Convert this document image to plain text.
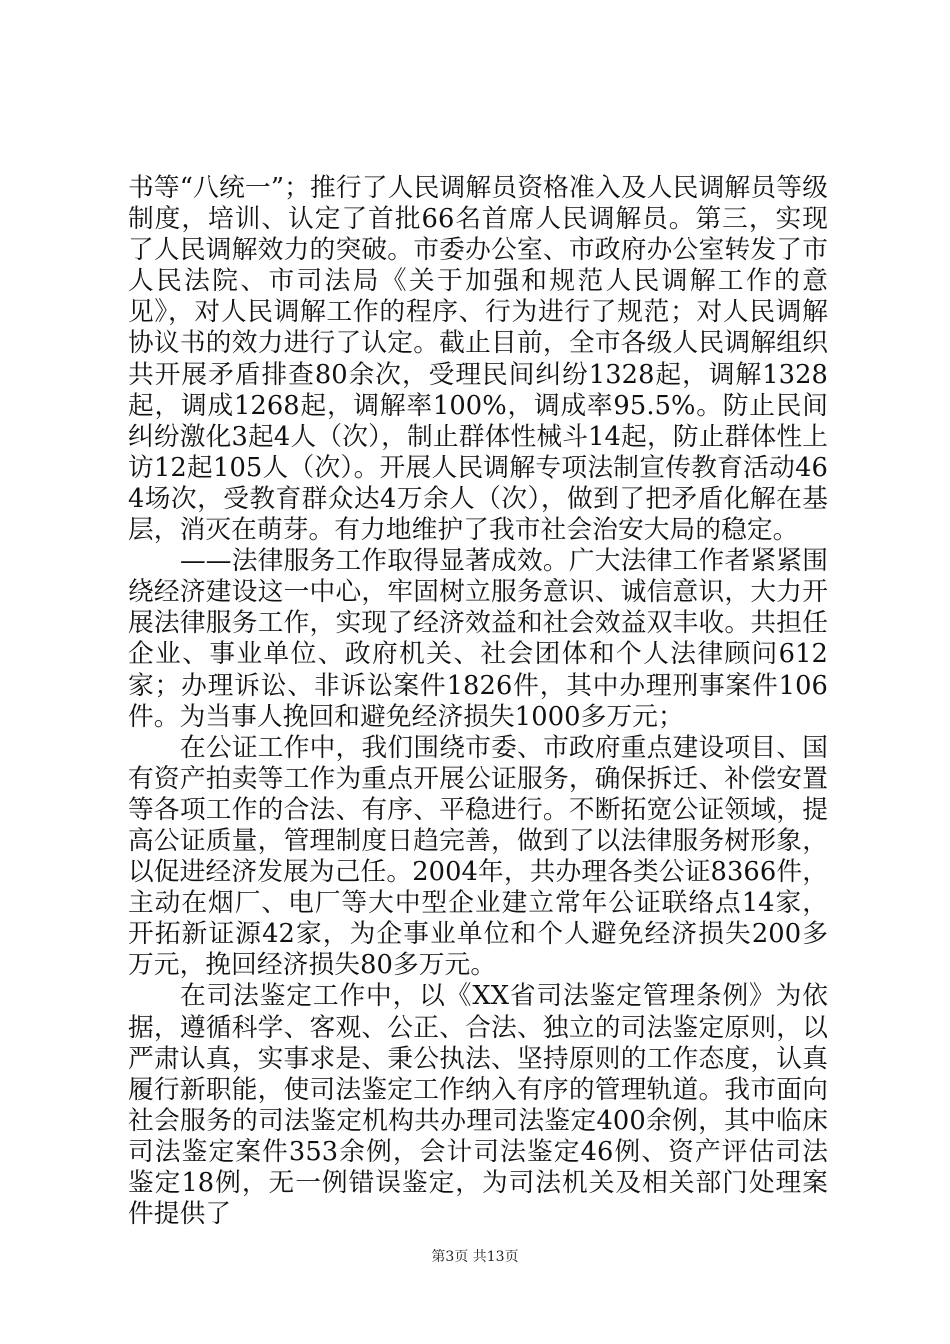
书等“八统一”；推行了人民调解员资格准入及人民调解员等级制度，培训、认定了首批66名首席人民调解员。第三，实现了人民调解效力的突破。市委办公室、市政府办公室转发了市人民法院、市司法局《关于加强和规范人民调解工作的意见》，对人民调解工作的程序、行为进行了规范；对人民调解协议书的效力进行了认定。截止目前，全市各级人民调解组织共开展矛盾排查80余次，受理民间纠纷1328起，调解1328起，调成1268起，调解率100%，调成率95.5%。防止民间纠纷激化3起4人（次），制止群体性械斗14起，防止群体性上访12起105人（次）。开展人民调解专项法制宣传教育活动464场次，受教育群众达4万余人（次），做到了把矛盾化解在基层，消灭在萌芽。有力地维护了我市社会治安大局的稳定。

——法律服务工作取得显著成效。广大法律工作者紧紧围绕经济建设这一中心，牢固树立服务意识、诚信意识，大力开展法律服务工作，实现了经济效益和社会效益双丰收。共担任企业、事业单位、政府机关、社会团体和个人法律顾问612家；办理诉讼、非诉讼案件1826件，其中办理刑事案件106件。为当事人挽回和避免经济损失1000多万元；

在公证工作中，我们围绕市委、市政府重点建设项目、国有资产拍卖等工作为重点开展公证服务，确保拆迁、补偿安置等各项工作的合法、有序、平稳进行。不断拓宽公证领域，提高公证质量，管理制度日趋完善，做到了以法律服务树形象，以促进经济发展为己任。2004年，共办理各类公证8366件，主动在烟厂、电厂等大中型企业建立常年公证联络点14家，开拓新证源42家，为企事业单位和个人避免经济损失200多万元，挽回经济损失80多万元。

在司法鉴定工作中，以《XX省司法鉴定管理条例》为依据，遵循科学、客观、公正、合法、独立的司法鉴定原则，以严肃认真，实事求是、秉公执法、坚持原则的工作态度，认真履行新职能，使司法鉴定工作纳入有序的管理轨道。我市面向社会服务的司法鉴定机构共办理司法鉴定400余例，其中临床司法鉴定案件353余例，会计司法鉴定46例、资产评估司法鉴定18例，无一例错误鉴定，为司法机关及相关部门处理案件提供了

第3页 共13页
